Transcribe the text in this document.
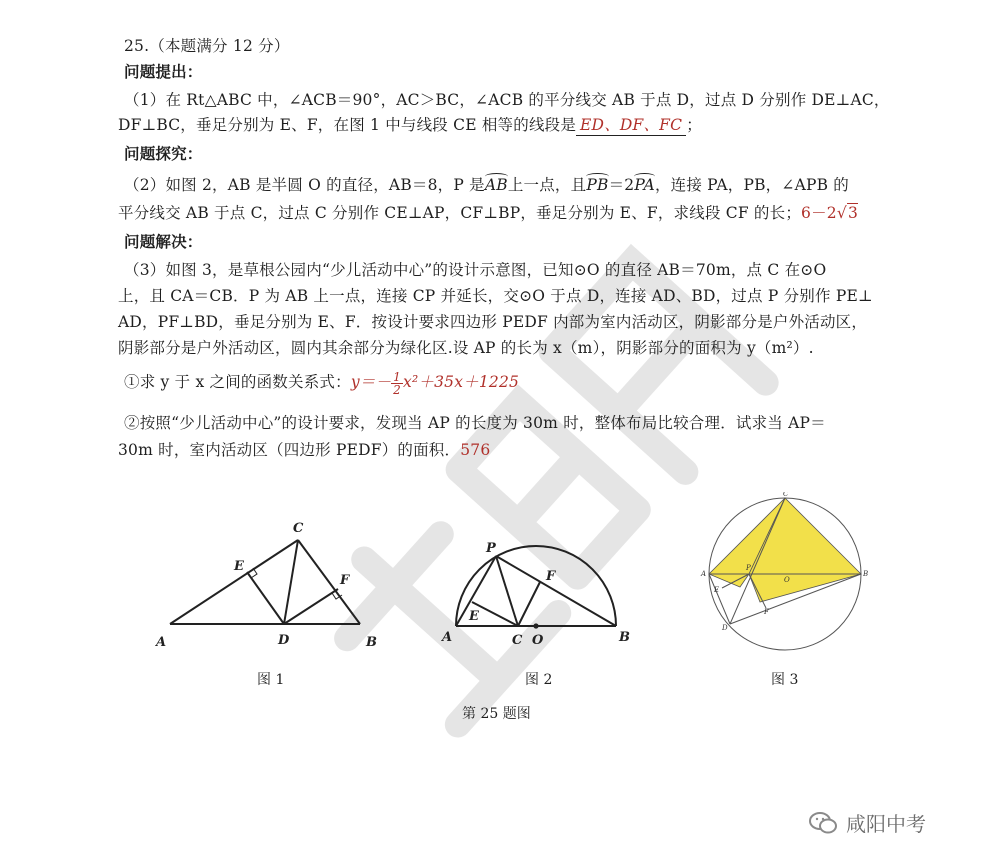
25.（本题满分 12 分）
问题提出：
（1）在 Rt△ABC 中，∠ACB＝90°，AC＞BC，∠ACB 的平分线交 AB 于点 D，过点 D 分别作 DE⊥AC，
DF⊥BC，垂足分别为 E、F，在图 1 中与线段 CE 相等的线段是 ED、DF、FC ；
问题探究：
（2）如图 2，AB 是半圆 O 的直径，AB＝8，P 是AB上一点，且PB＝2PA，连接 PA，PB，∠APB 的
平分线交 AB 于点 C，过点 C 分别作 CE⊥AP，CF⊥BP，垂足分别为 E、F，求线段 CF 的长；6－2√3
问题解决：
（3）如图 3，是草根公园内“少儿活动中心”的设计示意图，已知⊙O 的直径 AB＝70m，点 C 在⊙O
上，且 CA＝CB．P 为 AB 上一点，连接 CP 并延长，交⊙O 于点 D，连接 AD、BD，过点 P 分别作 PE⊥
AD，PF⊥BD，垂足分别为 E、F．按设计要求四边形 PEDF 内部为室内活动区，阴影部分是户外活动区，
阴影部分是户外活动区，圆内其余部分为绿化区.设 AP 的长为 x（m），阴影部分的面积为 y（m²）.
①求 y 于 x 之间的函数关系式：$y=- \frac{1}{2} x^2+35x+1225$
②按照“少儿活动中心”的设计要求，发现当 AP 的长度为 30m 时，整体布局比较合理．试求当 AP＝
30m 时，室内活动区（四边形 PEDF）的面积．576
A	B
C
D
E
F
A	B
C O
P
E
F	A	B
C
D
P
E
F
O
图 1	图 2	图 3
第 25 题图
咸阳中考
